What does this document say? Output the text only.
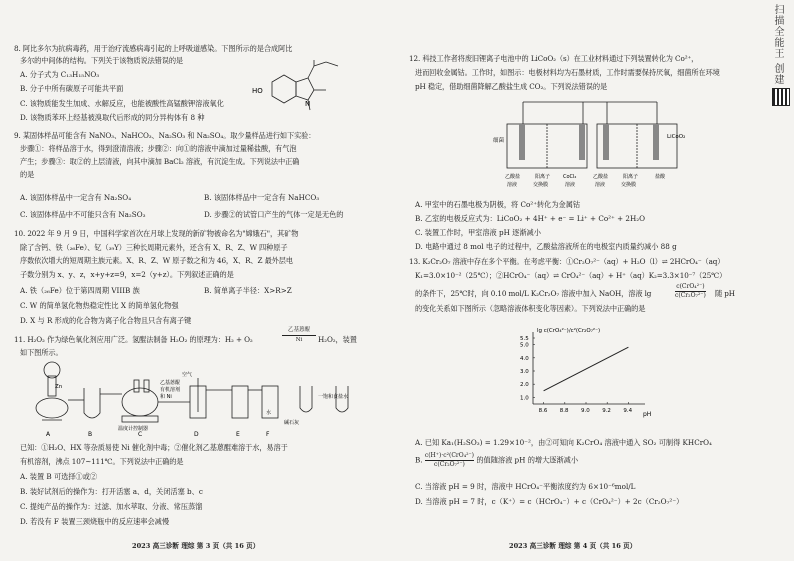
8. 阿比多尔为抗病毒药，用于治疗流感病毒引起的上呼吸道感染。下图所示的是合成阿比
多尔的中间体的结构。下列关于该物质说法错误的是
A. 分子式为 C₁₃H₁₅NO₃
B. 分子中所有碳原子可能共平面
C. 该物质能发生加成、水解反应，也能被酸性高锰酸钾溶液氧化
D. 该物质苯环上经基被溴取代后形成的同分异构体有 8 种
HO
N
9. 某固体样品可能含有 NaNO₃、NaHCO₃、Na₂SO₃ 和 Na₂SO₄。取少量样品进行如下实验：
步骤①：将样品溶于水，得到澄清溶液；步骤②：向①的溶液中滴加过量稀盐酸，有气泡
产生；步骤③：取②的上层清液，向其中滴加 BaCl₂ 溶液，有沉淀生成。下列说法中正确
的是
A. 该固体样品中一定含有 Na₂SO₄	B. 该固体样品中一定含有 NaHCO₃
C. 该固体样品中不可能只含有 Na₂SO₃	D. 步骤②的试管口产生的气体一定是无色的
10. 2022 年 9 月 9 日，中国科学家首次在月球上发现的新矿物被命名为"嫦娥石"，其矿物
除了含钙、铁（₂₆Fe）、钇（₃₉Y）三种长周期元素外，还含有 X、R、Z、W 四种原子
序数依次增大的短周期主族元素。X、R、Z、W 原子数之和为 46，X、R、Z 最外层电
子数分别为 x、y、z，x+y+z=9，x=2（y+z）。下列叙述正确的是
A. 铁（₂₆Fe）位于第四周期 VIIIB 族	B. 简单离子半径：X>R>Z
C. W 的简单氢化物热稳定性比 X 的简单氢化物强
D. X 与 R 形成的化合物为离子化合物且只含有离子键
11. H₂O₂ 作为绿色氧化剂应用广泛。氢醌法制备 H₂O₂ 的原理为：H₂ + O₂
乙基蒽醌
Ni	H₂O₂，装置
如下图所示。
Zn
乙基蒽醌
有机溶剂
和 Ni
温度计控制器
空气
水
碱石灰
一饱和食盐水
A	B	C	D	E	F
已知：①H₂O、HX 等杂质易使 Ni 催化剂中毒；②催化剂乙基蒽醌难溶于水，易溶于
有机溶剂，沸点 107~111℃。下列说法中正确的是
A. 装置 B 可选择①或②
B. 装好试剂后的操作为：打开活塞 a、d，关闭活塞 b、c
C. 提纯产品的操作为：过滤、加水萃取、分液、常压蒸馏
D. 若没有 F 装置三颈烧瓶中的反应速率会减慢
2023 高三诊断 理综 第 3 页（共 16 页）
12. 科技工作者将废旧锂离子电池中的 LiCoO₂（s）在工业材料通过下列装置转化为 Co²⁺，
进而回收金属钴。工作时，如图示：电极材料均为石墨材质，工作时需要保持厌氧，细菌所在环境
pH 稳定，借助细菌降解乙酸盐生成 CO₂。下列说法错误的是
细菌
LiCoO₂
乙酸盐	阳离子	CoCl₂	乙酸盐	阳离子	盐酸
溶液	交换膜	溶液	溶液	交换膜
A. 甲室中的石墨电极为阴极，将 Co²⁺转化为金属钴
B. 乙室的电极反应式为：LiCoO₂ + 4H⁺ + e⁻ = Li⁺ + Co²⁺ + 2H₂O
C. 装置工作时，甲室溶液 pH 逐渐减小
D. 电路中通过 8 mol 电子的过程中，乙酸盐溶液所在的电极室内质量约减小 88 g
13. K₂Cr₂O₇ 溶液中存在多个平衡。在考虑平衡：①Cr₂O₇²⁻（aq）+ H₂O（l）⇌ 2HCrO₄⁻（aq）
K₁=3.0×10⁻²（25℃）；②HCrO₄⁻（aq）⇌ CrO₄²⁻（aq）+ H⁺（aq）K₂=3.3×10⁻⁷（25℃）
的条件下，25℃时，向 0.10 mol/L K₂Cr₂O₇ 溶液中加入 NaOH，溶液 lg
c(CrO₄²⁻)
c(Cr₂O₇²⁻) 随 pH
的变化关系如下图所示（忽略溶液体积变化等因素）。下列说法中正确的是
lg c(CrO₄²⁻)/c²(Cr₂O₇²⁻)
pH
8.6 8.8 9.0 9.2 9.4
1.0
2.0
3.0
4.0
5.0
5.5
A. 已知 Ka₁(H₂SO₃) = 1.29×10⁻²，由②可知向 K₂CrO₄ 溶液中通入 SO₂ 可制得 KHCrO₄
B. c(H⁺)·c²(CrO₄²⁻)
c(Cr₂O₇²⁻)	的值随溶液 pH 的增大逐渐减小
C. 当溶液 pH = 9 时，溶液中 HCrO₄⁻平衡浓度约为 6×10⁻⁶mol/L
D. 当溶液 pH = 7 时，c（K⁺）= c（HCrO₄⁻）+ c（CrO₄²⁻）+ 2c（Cr₂O₇²⁻）
2023 高三诊断 理综 第 4 页（共 16 页）
扫描全能王 创建
